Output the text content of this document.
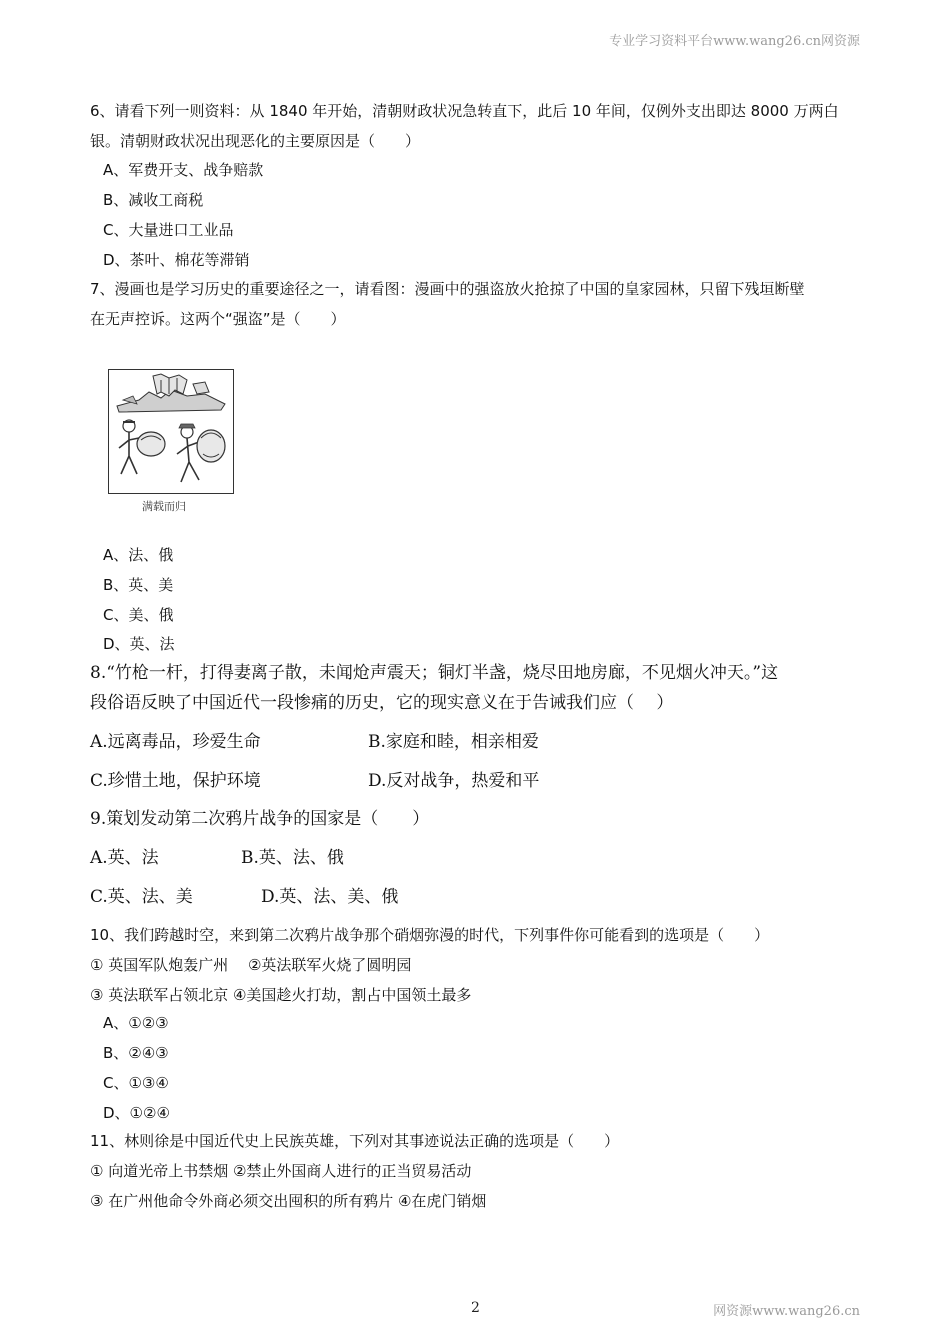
专业学习资料平台www.wang26.cn网资源
6、请看下列一则资料：从 1840 年开始，清朝财政状况急转直下，此后 10 年间，仅例外支出即达 8000 万两白
银。清朝财政状况出现恶化的主要原因是（　　）
A、军费开支、战争赔款
B、减收工商税
C、大量进口工业品
D、茶叶、棉花等滞销
7、漫画也是学习历史的重要途径之一，请看图：漫画中的强盗放火抢掠了中国的皇家园林，只留下残垣断壁
在无声控诉。这两个“强盗”是（　　）
满载而归
A、法、俄
B、英、美
C、美、俄
D、英、法
8.“竹枪一杆，打得妻离子散，未闻炝声震天；铜灯半盏，烧尽田地房廊，不见烟火冲天。”这
段俗语反映了中国近代一段惨痛的历史，它的现实意义在于告诫我们应（　 ）
A.远离毒品，珍爱生命	B.家庭和睦，相亲相爱
C.珍惜土地，保护环境	D.反对战争，热爱和平
9.策划发动第二次鸦片战争的国家是（　　）
A.英、法	B.英、法、俄
C.英、法、美	D.英、法、美、俄
10、我们跨越时空，来到第二次鸦片战争那个硝烟弥漫的时代，下列事件你可能看到的选项是（　　）
① 英国军队炮轰广州　 ②英法联军火烧了圆明园
③ 英法联军占领北京 ④美国趁火打劫，割占中国领土最多
A、①②③
B、②④③
C、①③④
D、①②④
11、林则徐是中国近代史上民族英雄，下列对其事迹说法正确的选项是（　　）
① 向道光帝上书禁烟 ②禁止外国商人进行的正当贸易活动
③ 在广州他命令外商必须交出囤积的所有鸦片 ④在虎门销烟
2	网资源www.wang26.cn
